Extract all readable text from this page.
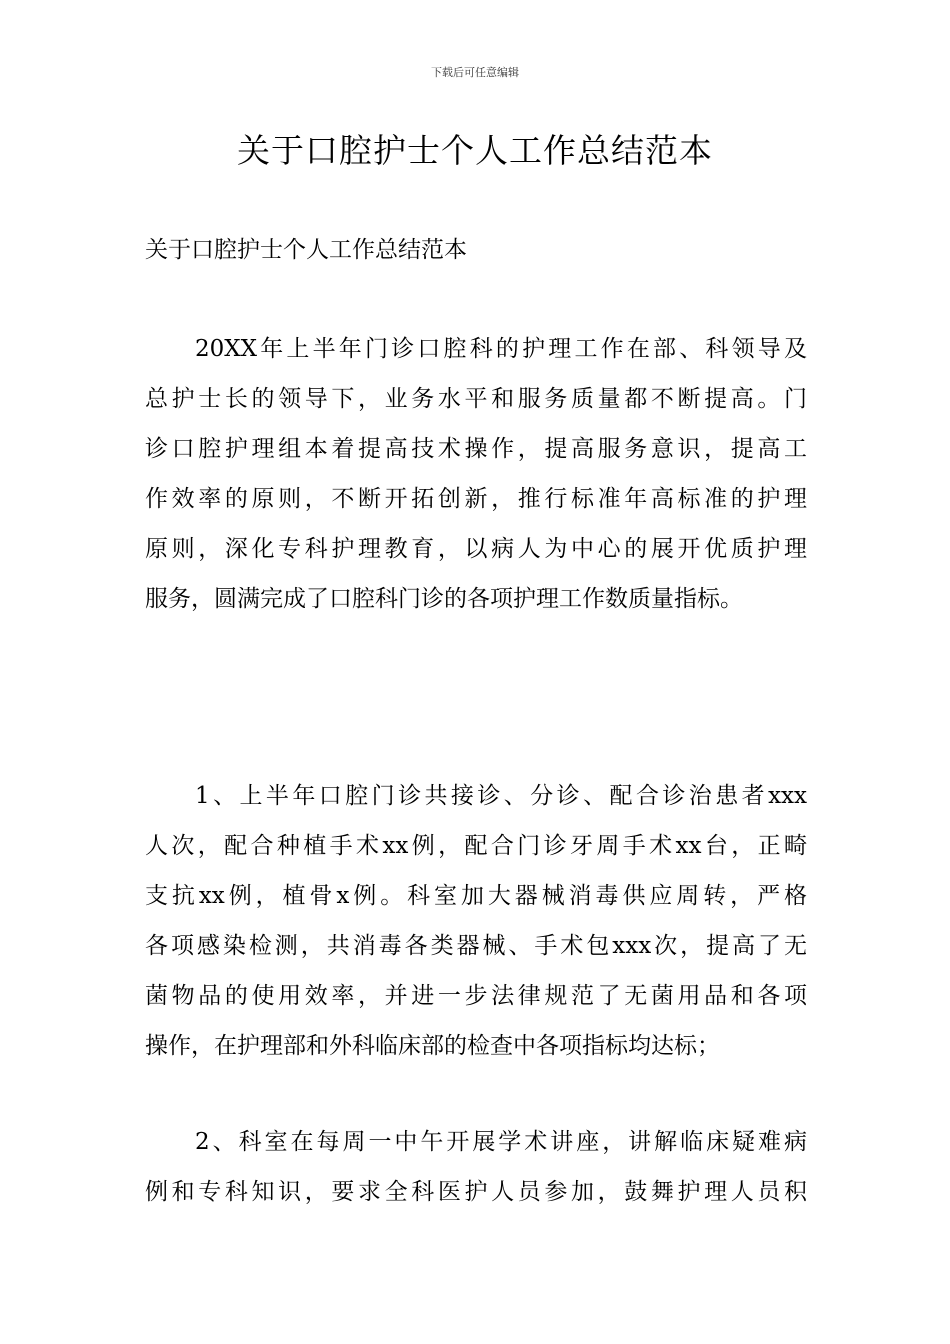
下载后可任意编辑
关于口腔护士个人工作总结范本
关于口腔护士个人工作总结范本
20XX年上半年门诊口腔科的护理工作在部、科领导及
总护士长的领导下，业务水平和服务质量都不断提高。门
诊口腔护理组本着提高技术操作，提高服务意识，提高工
作效率的原则，不断开拓创新，推行标准年高标准的护理
原则，深化专科护理教育，以病人为中心的展开优质护理
服务，圆满完成了口腔科门诊的各项护理工作数质量指标。
1、上半年口腔门诊共接诊、分诊、配合诊治患者xxx
人次，配合种植手术xx例，配合门诊牙周手术xx台，正畸
支抗xx例，植骨x例。科室加大器械消毒供应周转，严格
各项感染检测，共消毒各类器械、手术包xxx次，提高了无
菌物品的使用效率，并进一步法律规范了无菌用品和各项
操作，在护理部和外科临床部的检查中各项指标均达标；
2、科室在每周一中午开展学术讲座，讲解临床疑难病
例和专科知识，要求全科医护人员参加，鼓舞护理人员积
